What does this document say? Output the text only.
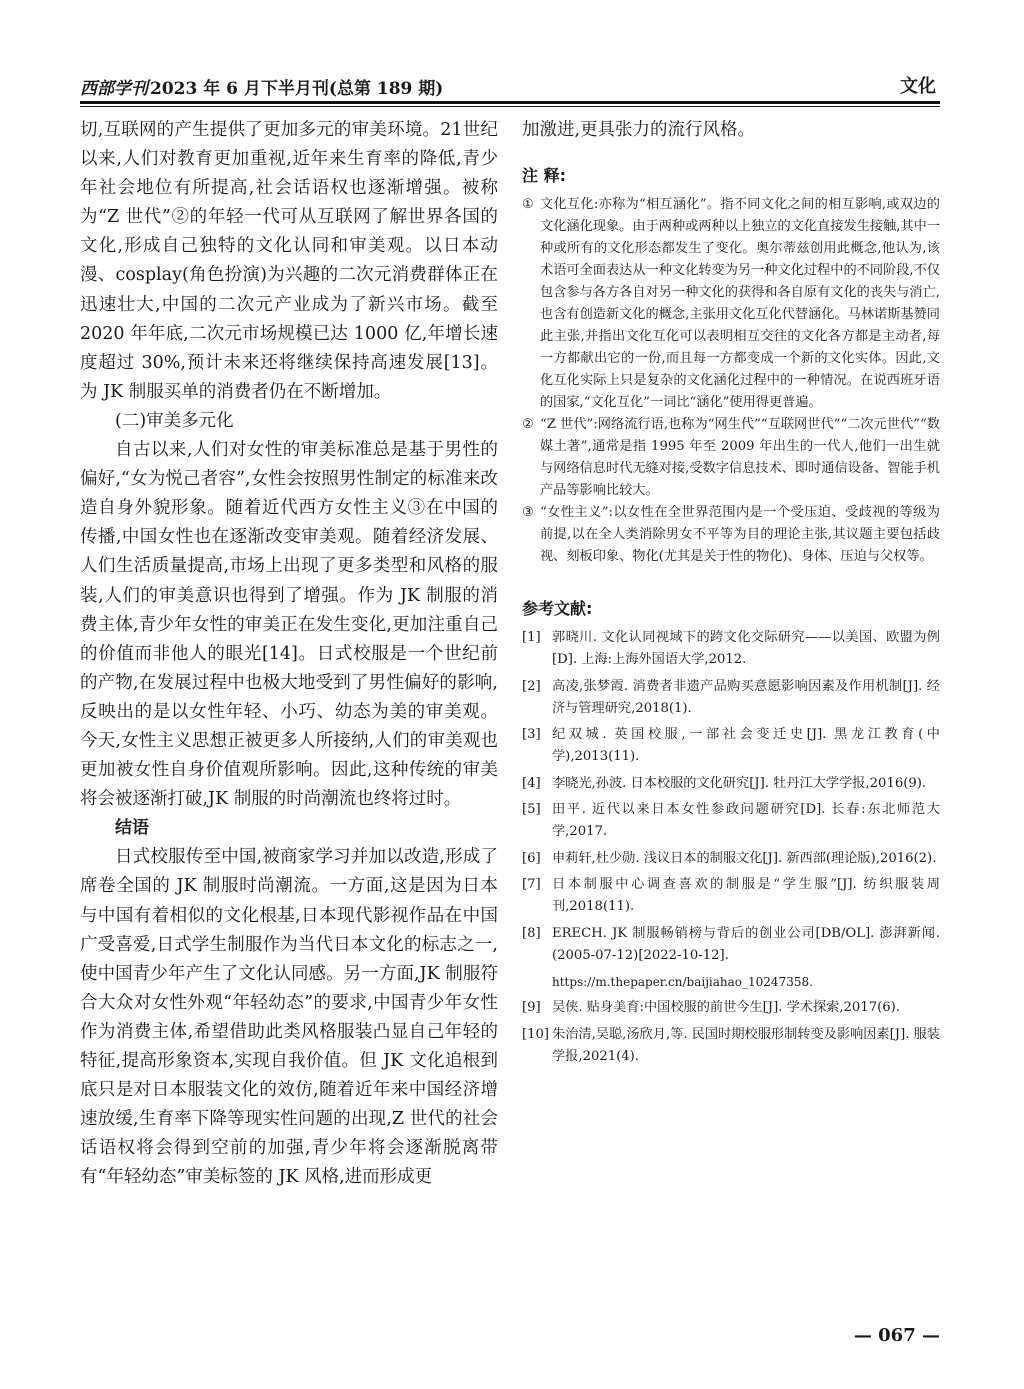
西部学刊 2023 年 6 月下半月刊(总第 189 期)	文化

切,互联网的产生提供了更加多元的审美环境。21世纪以来,人们对教育更加重视,近年来生育率的降低,青少年社会地位有所提高,社会话语权也逐渐增强。被称为“Z 世代”②的年轻一代可从互联网了解世界各国的文化,形成自己独特的文化认同和审美观。以日本动漫、cosplay(角色扮演)为兴趣的二次元消费群体正在迅速壮大,中国的二次元产业成为了新兴市场。截至 2020 年年底,二次元市场规模已达 1000 亿,年增长速度超过 30%,预计未来还将继续保持高速发展[13]。为 JK 制服买单的消费者仍在不断增加。

(二)审美多元化

自古以来,人们对女性的审美标准总是基于男性的偏好,“女为悦己者容”,女性会按照男性制定的标准来改造自身外貌形象。随着近代西方女性主义③在中国的传播,中国女性也在逐渐改变审美观。随着经济发展、人们生活质量提高,市场上出现了更多类型和风格的服装,人们的审美意识也得到了增强。作为 JK 制服的消费主体,青少年女性的审美正在发生变化,更加注重自己的价值而非他人的眼光[14]。日式校服是一个世纪前的产物,在发展过程中也极大地受到了男性偏好的影响,反映出的是以女性年轻、小巧、幼态为美的审美观。今天,女性主义思想正被更多人所接纳,人们的审美观也更加被女性自身价值观所影响。因此,这种传统的审美将会被逐渐打破,JK 制服的时尚潮流也终将过时。

结语

日式校服传至中国,被商家学习并加以改造,形成了席卷全国的 JK 制服时尚潮流。一方面,这是因为日本与中国有着相似的文化根基,日本现代影视作品在中国广受喜爱,日式学生制服作为当代日本文化的标志之一,使中国青少年产生了文化认同感。另一方面,JK 制服符合大众对女性外观“年轻幼态”的要求,中国青少年女性作为消费主体,希望借助此类风格服装凸显自己年轻的特征,提高形象资本,实现自我价值。但 JK 文化追根到底只是对日本服装文化的效仿,随着近年来中国经济增速放缓,生育率下降等现实性问题的出现,Z 世代的社会话语权将会得到空前的加强,青少年将会逐渐脱离带有“年轻幼态”审美标签的 JK 风格,进而形成更

加激进,更具张力的流行风格。

注 释:

① 文化互化:亦称为“相互涵化”。指不同文化之间的相互影响,或双边的文化涵化现象。由于两种或两种以上独立的文化直接发生接触,其中一种或所有的文化形态都发生了变化。奥尔蒂兹创用此概念,他认为,该术语可全面表达从一种文化转变为另一种文化过程中的不同阶段,不仅包含参与各方各自对另一种文化的获得和各自原有文化的丧失与消亡,也含有创造新文化的概念,主张用文化互化代替涵化。马林诺斯基赞同此主张,并指出文化互化可以表明相互交往的文化各方都是主动者,每一方都献出它的一份,而且每一方都变成一个新的文化实体。因此,文化互化实际上只是复杂的文化涵化过程中的一种情况。在说西班牙语的国家,“文化互化”一词比“涵化”使用得更普遍。
② “Z 世代”:网络流行语,也称为“网生代”“互联网世代”“二次元世代”“数媒土著”,通常是指 1995 年至 2009 年出生的一代人,他们一出生就与网络信息时代无缝对接,受数字信息技术、即时通信设备、智能手机产品等影响比较大。
③ “女性主义”:以女性在全世界范围内是一个受压迫、受歧视的等级为前提,以在全人类消除男女不平等为目的理论主张,其议题主要包括歧视、刻板印象、物化(尤其是关于性的物化)、身体、压迫与父权等。

参考文献:

[1] 郭晓川. 文化认同视域下的跨文化交际研究——以美国、欧盟为例[D]. 上海:上海外国语大学,2012.
[2] 高凌,张梦霞. 消费者非遗产品购买意愿影响因素及作用机制[J]. 经济与管理研究,2018(1).
[3] 纪双城. 英国校服,一部社会变迁史[J]. 黑龙江教育(中学),2013(11).
[4] 李晓光,孙波. 日本校服的文化研究[J]. 牡丹江大学学报,2016(9).
[5] 田平. 近代以来日本女性参政问题研究[D]. 长春:东北师范大学,2017.
[6] 申莉轩,杜少勋. 浅议日本的制服文化[J]. 新西部(理论版),2016(2).
[7] 日本制服中心调查喜欢的制服是“学生服”[J]. 纺织服装周刊,2018(11).
[8] ERECH. JK 制服畅销榜与背后的创业公司[DB/OL]. 澎湃新闻. (2005-07-12)[2022-10-12].
https://m.thepaper.cn/baijiahao_10247358.
[9] 吴侠. 贴身美育:中国校服的前世今生[J]. 学术探索,2017(6).
[10] 朱治清,吴聪,汤欣月,等. 民国时期校服形制转变及影响因素[J]. 服装学报,2021(4).
— 067 —
